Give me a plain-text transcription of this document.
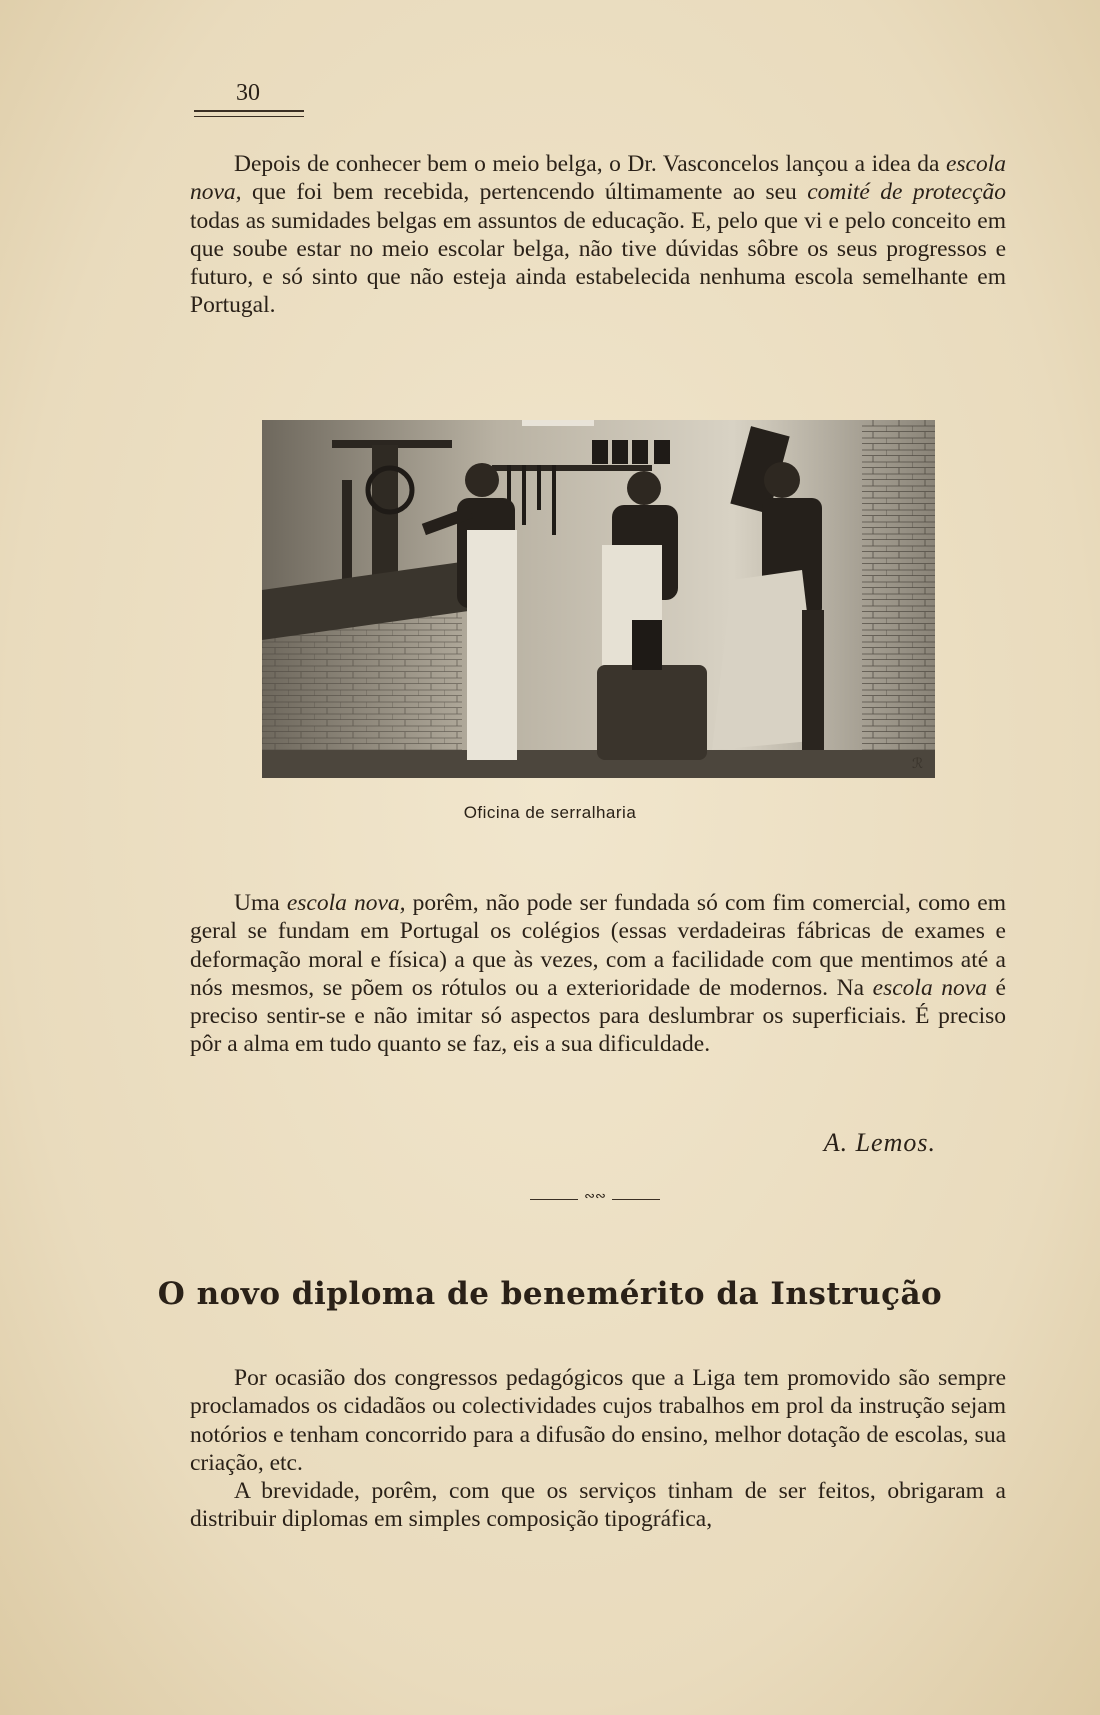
30

Depois de conhecer bem o meio belga, o Dr. Vasconcelos lançou a idea da escola nova, que foi bem recebida, pertencendo últimamente ao seu comité de protecção todas as sumidades belgas em assuntos de educação. E, pelo que vi e pelo conceito em que soube estar no meio escolar belga, não tive dúvidas sôbre os seus progressos e futuro, e só sinto que não esteja ainda estabelecida nenhuma escola semelhante em Portugal.

ℛ
Oficina de serralharia

Uma escola nova, porêm, não pode ser fundada só com fim comercial, como em geral se fundam em Portugal os colégios (essas verdadeiras fábricas de exames e deformação moral e física) a que às vezes, com a facilidade com que mentimos até a nós mesmos, se põem os rótulos ou a exterioridade de modernos. Na escola nova é preciso sentir-se e não imitar só aspectos para deslumbrar os superficiais. É preciso pôr a alma em tudo quanto se faz, eis a sua dificuldade.

A. Lemos.
∾∾
O novo diploma de benemérito da Instrução

Por ocasião dos congressos pedagógicos que a Liga tem promovido são sempre proclamados os cidadãos ou colectividades cujos trabalhos em prol da instrução sejam notórios e tenham concorrido para a difusão do ensino, melhor dotação de escolas, sua criação, etc.

A brevidade, porêm, com que os serviços tinham de ser feitos, obrigaram a distribuir diplomas em simples composição tipográfica,
